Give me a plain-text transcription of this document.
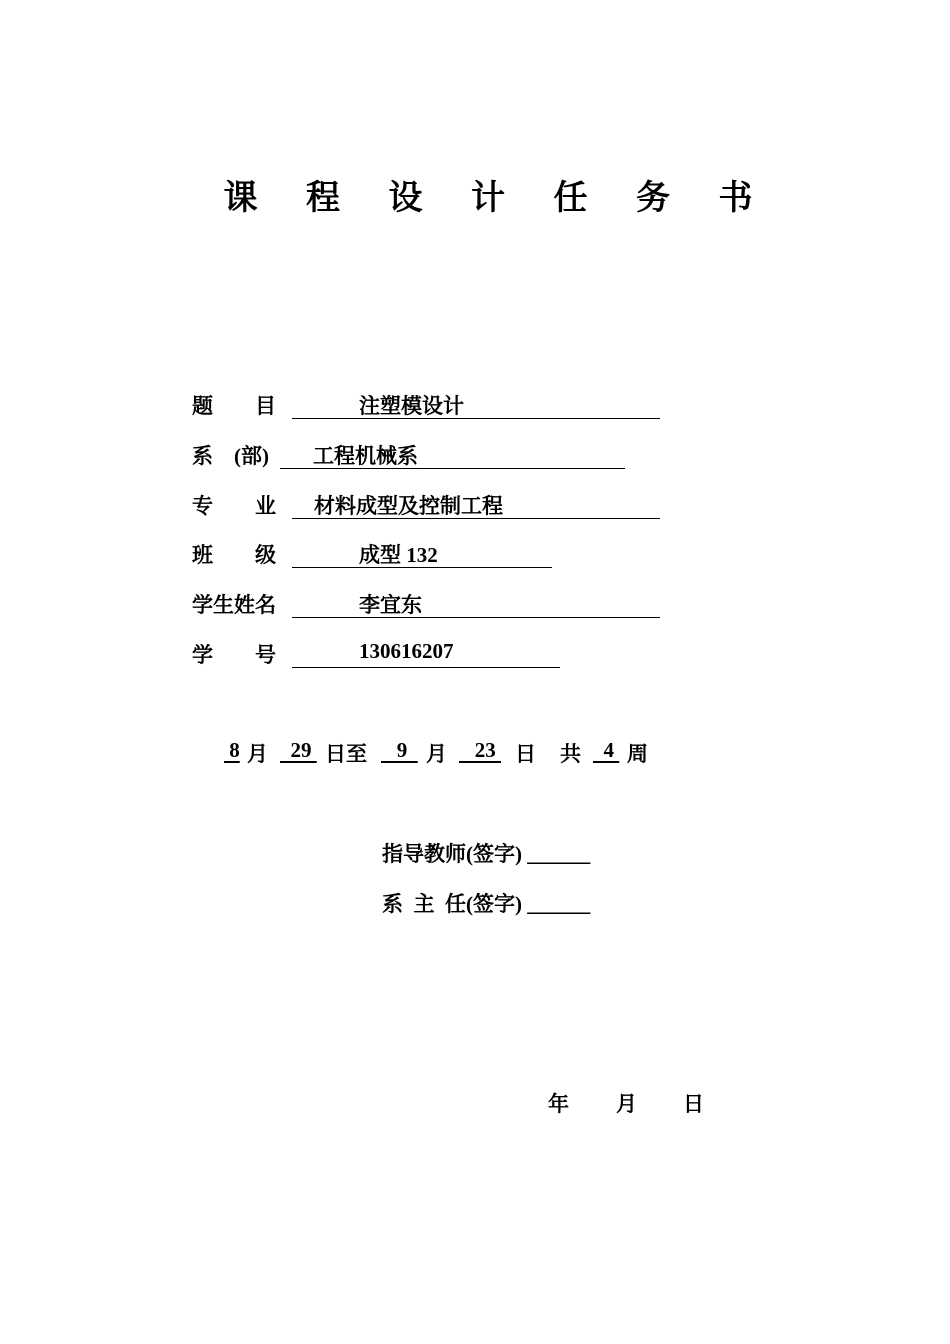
课 程 设 计 任 务 书
题        目	注塑模设计
系    (部) 工程机械系
专        业 材料成型及控制工程
班        级	成型 132
学生姓名	李宜东
学        号	130616207
8 月 29 日至 9 月 23 日 共 4 周
指导教师(签字) ______
系  主  任(签字) ______
年 月 日
